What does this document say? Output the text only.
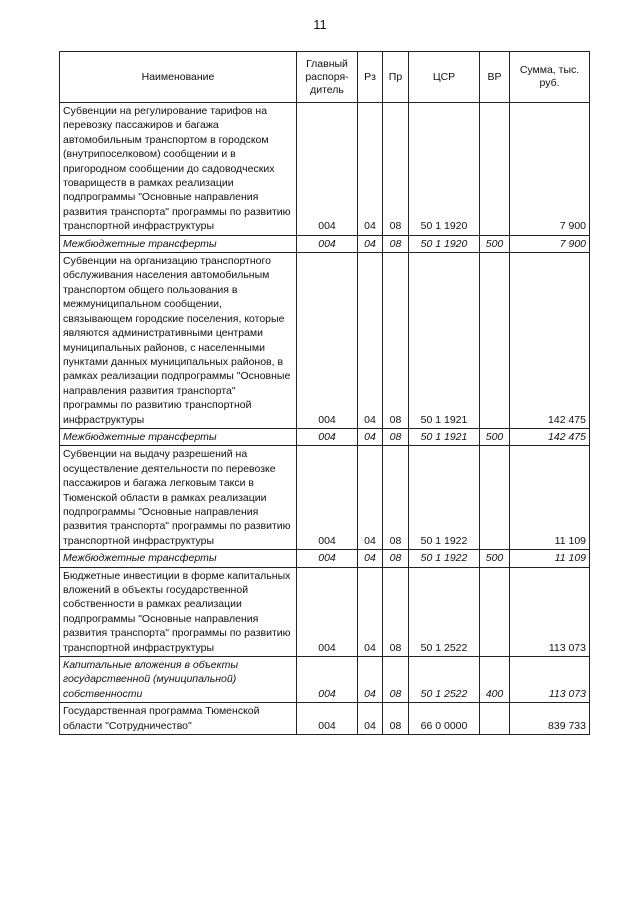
11
Наименование	Главный распоря-дитель	Рз	Пр	ЦСР	ВР	Сумма, тыс. руб.
Субвенции на регулирование тарифов на перевозку пассажиров и багажа автомобильным транспортом в городском (внутрипоселковом) сообщении и в пригородном сообщении до садоводческих товариществ в рамках реализации подпрограммы "Основные направления развития транспорта" программы по развитию транспортной инфраструктуры	004	04	08	50 1 1920		7 900
Межбюджетные трансферты	004	04	08	50 1 1920	500	7 900
Субвенции на организацию транспортного обслуживания населения автомобильным транспортом общего пользования в межмуниципальном сообщении, связывающем городские поселения, которые являются административными центрами муниципальных районов, с населенными пунктами данных муниципальных районов, в рамках реализации подпрограммы "Основные направления развития транспорта" программы по развитию транспортной инфраструктуры	004	04	08	50 1 1921		142 475
Межбюджетные трансферты	004	04	08	50 1 1921	500	142 475
Субвенции на выдачу разрешений на осуществление деятельности по перевозке пассажиров и багажа легковым такси в Тюменской области в рамках реализации подпрограммы "Основные направления развития транспорта" программы по развитию транспортной инфраструктуры	004	04	08	50 1 1922		11 109
Межбюджетные трансферты	004	04	08	50 1 1922	500	11 109
Бюджетные инвестиции в форме капитальных вложений в объекты государственной собственности в рамках реализации подпрограммы "Основные направления развития транспорта" программы по развитию транспортной инфраструктуры	004	04	08	50 1 2522		113 073
Капитальные вложения в объекты государственной (муниципальной) собственности	004	04	08	50 1 2522	400	113 073
Государственная программа Тюменской области "Сотрудничество"	004	04	08	66 0 0000		839 733
